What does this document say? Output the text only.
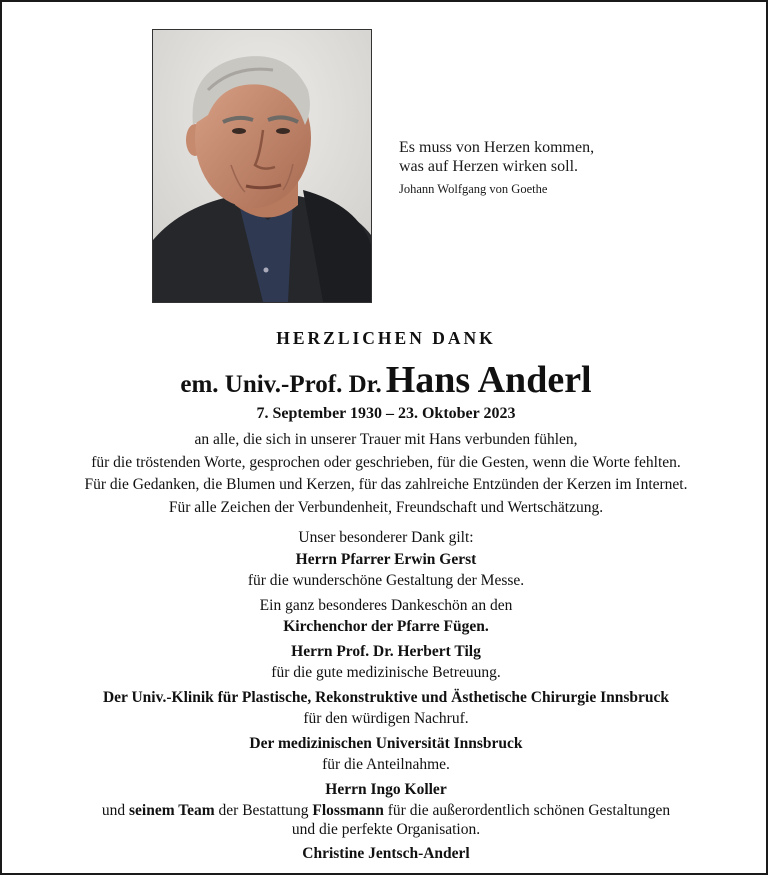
Es muss von Herzen kommen,
was auf Herzen wirken soll.
Johann Wolfgang von Goethe
HERZLICHEN DANK
em. Univ.-Prof. Dr. Hans Anderl
7. September 1930 – 23. Oktober 2023
an alle, die sich in unserer Trauer mit Hans verbunden fühlen,
für die tröstenden Worte, gesprochen oder geschrieben, für die Gesten, wenn die Worte fehlten.
Für die Gedanken, die Blumen und Kerzen, für das zahlreiche Entzünden der Kerzen im Internet.
Für alle Zeichen der Verbundenheit, Freundschaft und Wertschätzung.
Unser besonderer Dank gilt:
Herrn Pfarrer Erwin Gerst
für die wunderschöne Gestaltung der Messe.
Ein ganz besonderes Dankeschön an den
Kirchenchor der Pfarre Fügen.
Herrn Prof. Dr. Herbert Tilg
für die gute medizinische Betreuung.
Der Univ.-Klinik für Plastische, Rekonstruktive und Ästhetische Chirurgie Innsbruck
für den würdigen Nachruf.
Der medizinischen Universität Innsbruck
für die Anteilnahme.
Herrn Ingo Koller
und seinem Team der Bestattung Flossmann für die außerordentlich schönen Gestaltungen
und die perfekte Organisation.
Christine Jentsch-Anderl
